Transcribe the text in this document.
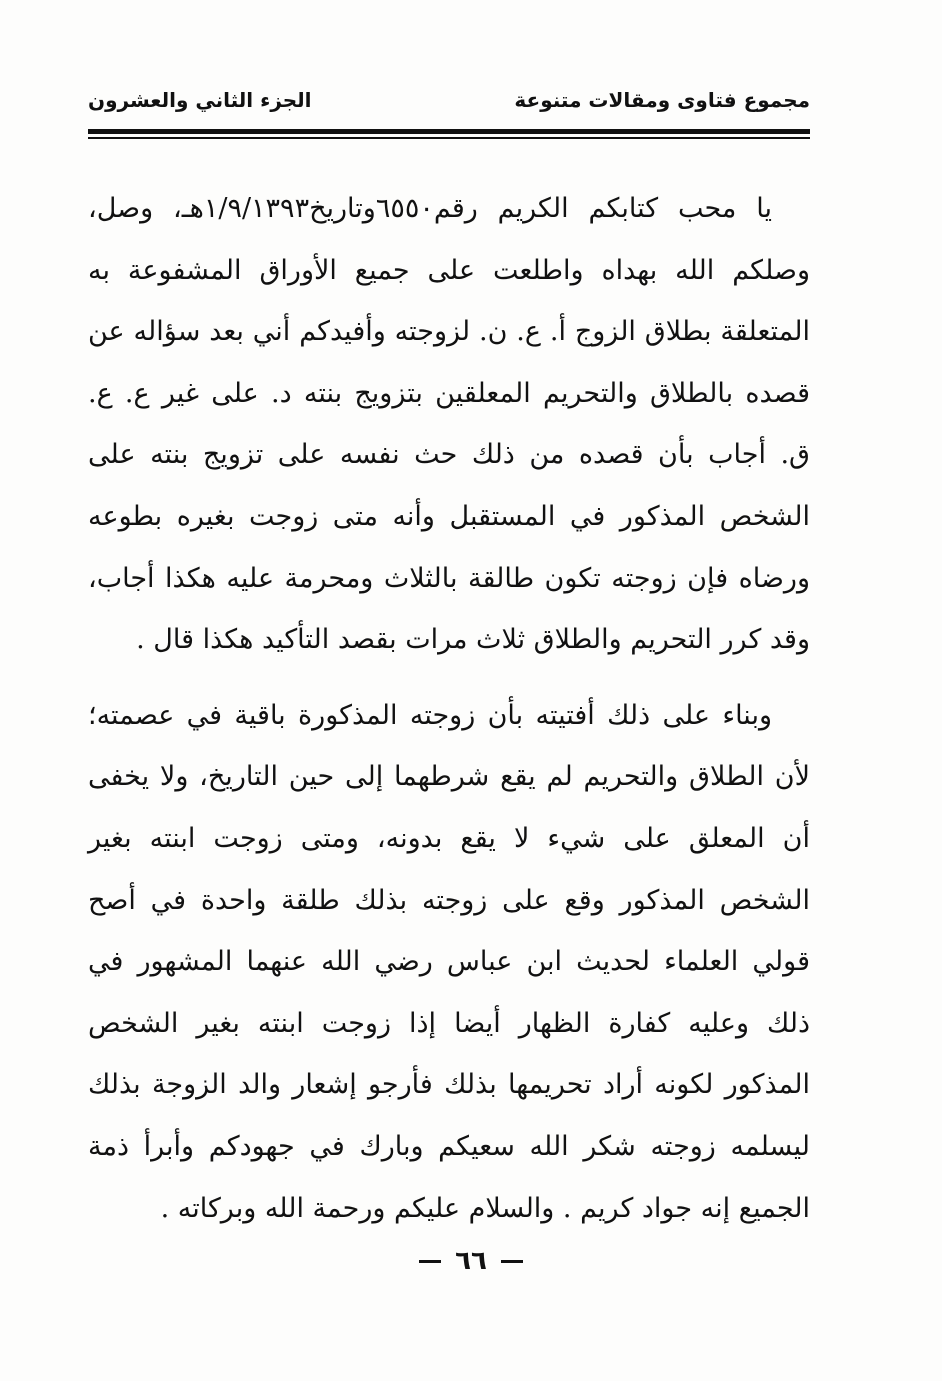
مجموع فتاوى ومقالات متنوعة
الجزء الثاني والعشرون

يا محب كتابكم الكريم رقم٦٥٥٠وتاريخ١/٩/١٣٩٣هـ، وصل، وصلكم الله بهداه واطلعت على جميع الأوراق المشفوعة به المتعلقة بطلاق الزوج أ. ع. ن. لزوجته وأفيدكم أني بعد سؤاله عن قصده بالطلاق والتحريم المعلقين بتزويج بنته د. على غير ع. ع. ق. أجاب بأن قصده من ذلك حث نفسه على تزويج بنته على الشخص المذكور في المستقبل وأنه متى زوجت بغيره بطوعه ورضاه فإن زوجته تكون طالقة بالثلاث ومحرمة عليه هكذا أجاب، وقد كرر التحريم والطلاق ثلاث مرات بقصد التأكيد هكذا قال .

وبناء على ذلك أفتيته بأن زوجته المذكورة باقية في عصمته؛ لأن الطلاق والتحريم لم يقع شرطهما إلى حين التاريخ، ولا يخفى أن المعلق على شيء لا يقع بدونه، ومتى زوجت ابنته بغير الشخص المذكور وقع على زوجته بذلك طلقة واحدة في أصح قولي العلماء لحديث ابن عباس رضي الله عنهما المشهور في ذلك وعليه كفارة الظهار أيضا إذا زوجت ابنته بغير الشخص المذكور لكونه أراد تحريمها بذلك فأرجو إشعار والد الزوجة بذلك ليسلمه زوجته شكر الله سعيكم وبارك في جهودكم وأبرأ ذمة الجميع إنه جواد كريم . والسلام عليكم ورحمة الله وبركاته .

٦٦
